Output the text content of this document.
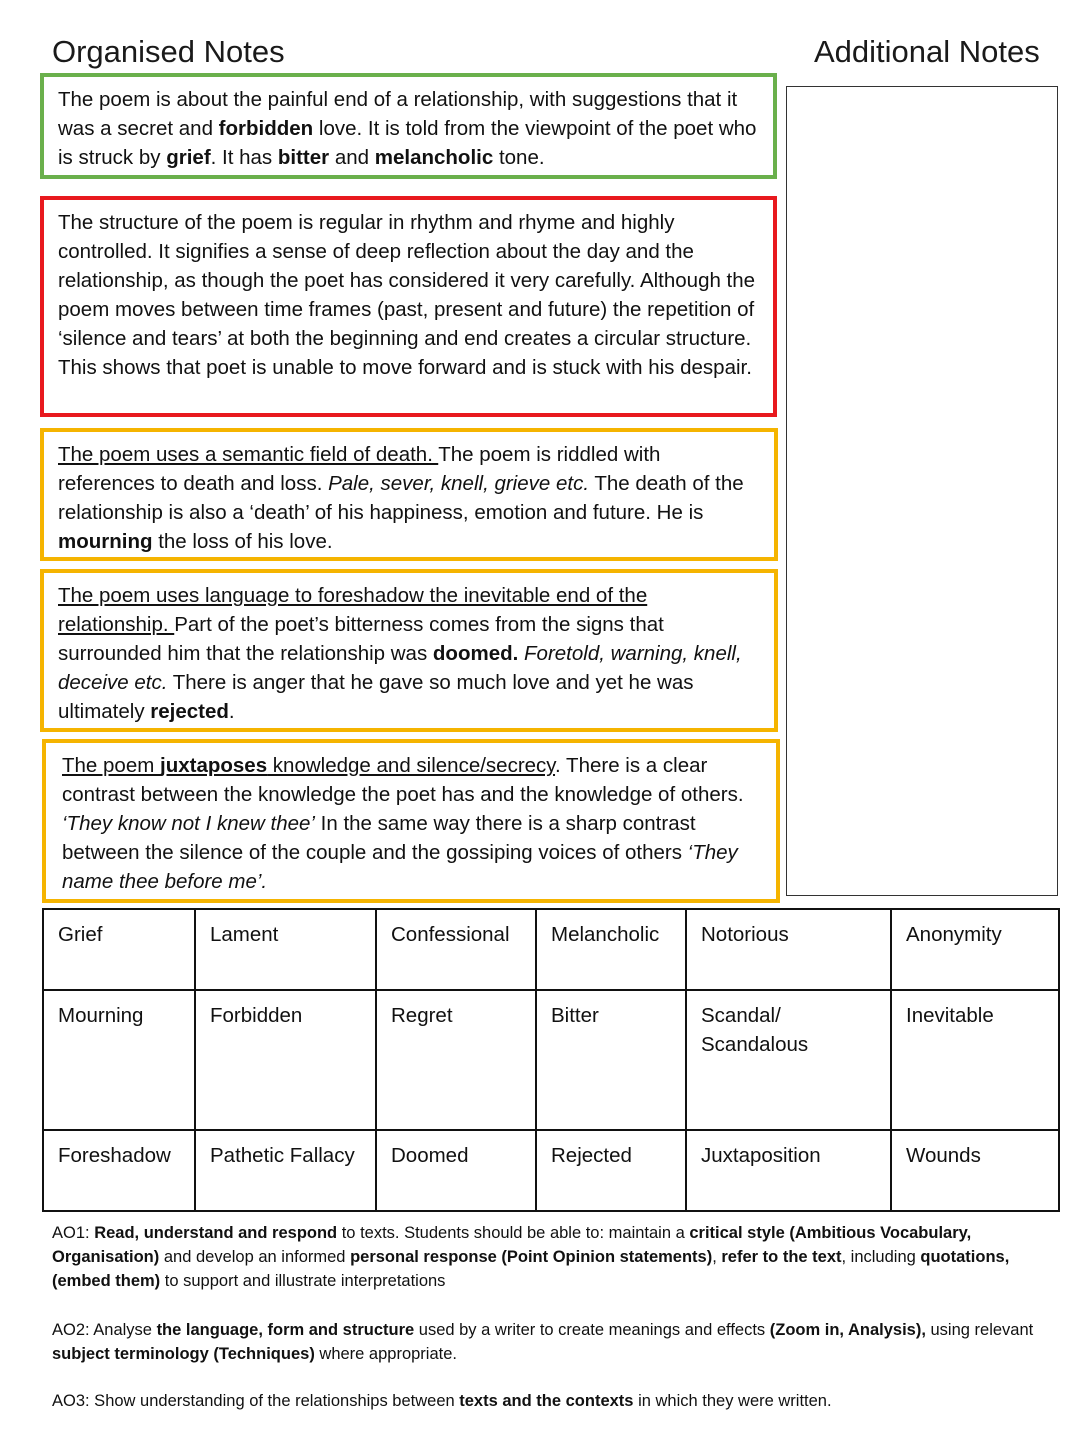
Organised Notes	Additional Notes

The poem is about the painful end of a relationship, with suggestions that it was a secret and forbidden love. It is told from the viewpoint of the poet who is struck by grief. It has bitter and melancholic tone.

The structure of the poem is regular in rhythm and rhyme and highly controlled. It signifies a sense of deep reflection about the day and the relationship, as though the poet has considered it very carefully. Although the poem moves between time frames (past, present and future) the repetition of ‘silence and tears’ at both the beginning and end creates a circular structure. This shows that poet is unable to move forward and is stuck with his despair.

The poem uses a semantic field of death. The poem is riddled with references to death and loss. Pale, sever, knell, grieve etc. The death of the relationship is also a ‘death’ of his happiness, emotion and future. He is mourning the loss of his love.

The poem uses language to foreshadow the inevitable end of the relationship. Part of the poet’s bitterness comes from the signs that surrounded him that the relationship was doomed. Foretold, warning, knell, deceive etc. There is anger that he gave so much love and yet he was ultimately rejected.

The poem juxtaposes knowledge and silence/secrecy. There is a clear contrast between the knowledge the poet has and the knowledge of others. ‘They know not I knew thee’ In the same way there is a sharp contrast between the silence of the couple and the gossiping voices of others ‘They name thee before me’.

Grief	Lament	Confessional	Melancholic	Notorious	Anonymity
Mourning	Forbidden	Regret	Bitter	Scandal/ Scandalous	Inevitable
Foreshadow	Pathetic Fallacy	Doomed	Rejected	Juxtaposition	Wounds
AO1: Read, understand and respond to texts. Students should be able to: maintain a critical style (Ambitious Vocabulary, Organisation) and develop an informed personal response (Point Opinion statements), refer to the text, including quotations, (embed them) to support and illustrate interpretations
AO2: Analyse the language, form and structure used by a writer to create meanings and effects (Zoom in, Analysis), using relevant subject terminology (Techniques) where appropriate.
AO3: Show understanding of the relationships between texts and the contexts in which they were written.
